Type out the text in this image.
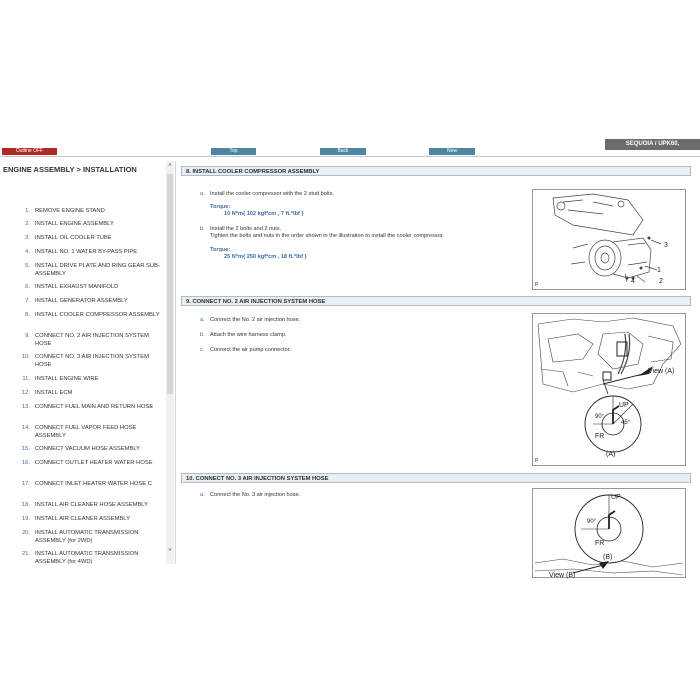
Outline OFF	Top	Back	New
SEQUOIA / UPK60,
ENGINE ASSEMBLY > INSTALLATION
1. REMOVE ENGINE STAND
2. INSTALL ENGINE ASSEMBLY
3. INSTALL OIL COOLER TUBE
4. INSTALL NO. 1 WATER BY-PASS PIPE
5. INSTALL DRIVE PLATE AND RING GEAR SUB-ASSEMBLY
6. INSTALL EXHAUST MANIFOLD
7. INSTALL GENERATOR ASSEMBLY
8. INSTALL COOLER COMPRESSOR ASSEMBLY
9. CONNECT NO. 2 AIR INJECTION SYSTEM HOSE
10. CONNECT NO. 3 AIR INJECTION SYSTEM HOSE
11. INSTALL ENGINE WIRE
12. INSTALL ECM
13. CONNECT FUEL MAIN AND RETURN HOSE
14. CONNECT FUEL VAPOR FEED HOSE ASSEMBLY
15. CONNECT VACUUM HOSE ASSEMBLY
16. CONNECT OUTLET HEATER WATER HOSE
17. CONNECT INLET HEATER WATER HOSE C
18. INSTALL AIR CLEANER HOSE ASSEMBLY
19. INSTALL AIR CLEANER ASSEMBLY
20. INSTALL AUTOMATIC TRANSMISSION ASSEMBLY (for 2WD)
21. INSTALL AUTOMATIC TRANSMISSION ASSEMBLY (for 4WD)
˄
˅
8. INSTALL COOLER COMPRESSOR ASSEMBLY
a. Install the cooler compressor with the 2 stud bolts.
Torque:
10 N*m{ 102 kgf*cm , 7 ft.*lbf }
b. Install the 2 bolts and 2 nuts.
Tighten the bolts and nuts in the order shown in the illustration to install the cooler compressor.
Torque:
25 N*m{ 250 kgf*cm , 18 ft.*lbf }
3
1
4	2
P
9. CONNECT NO. 2 AIR INJECTION SYSTEM HOSE
a. Connect the No. 2 air injection hose.
b. Attach the wire harness clamp.
c.	Connect the air pump connector.
View (A)
UP
90°
45°
FR
(A)
P
10. CONNECT NO. 3 AIR INJECTION SYSTEM HOSE
a. Connect the No. 3 air injection hose.	UP
90°
FR
(B)
View (B)
